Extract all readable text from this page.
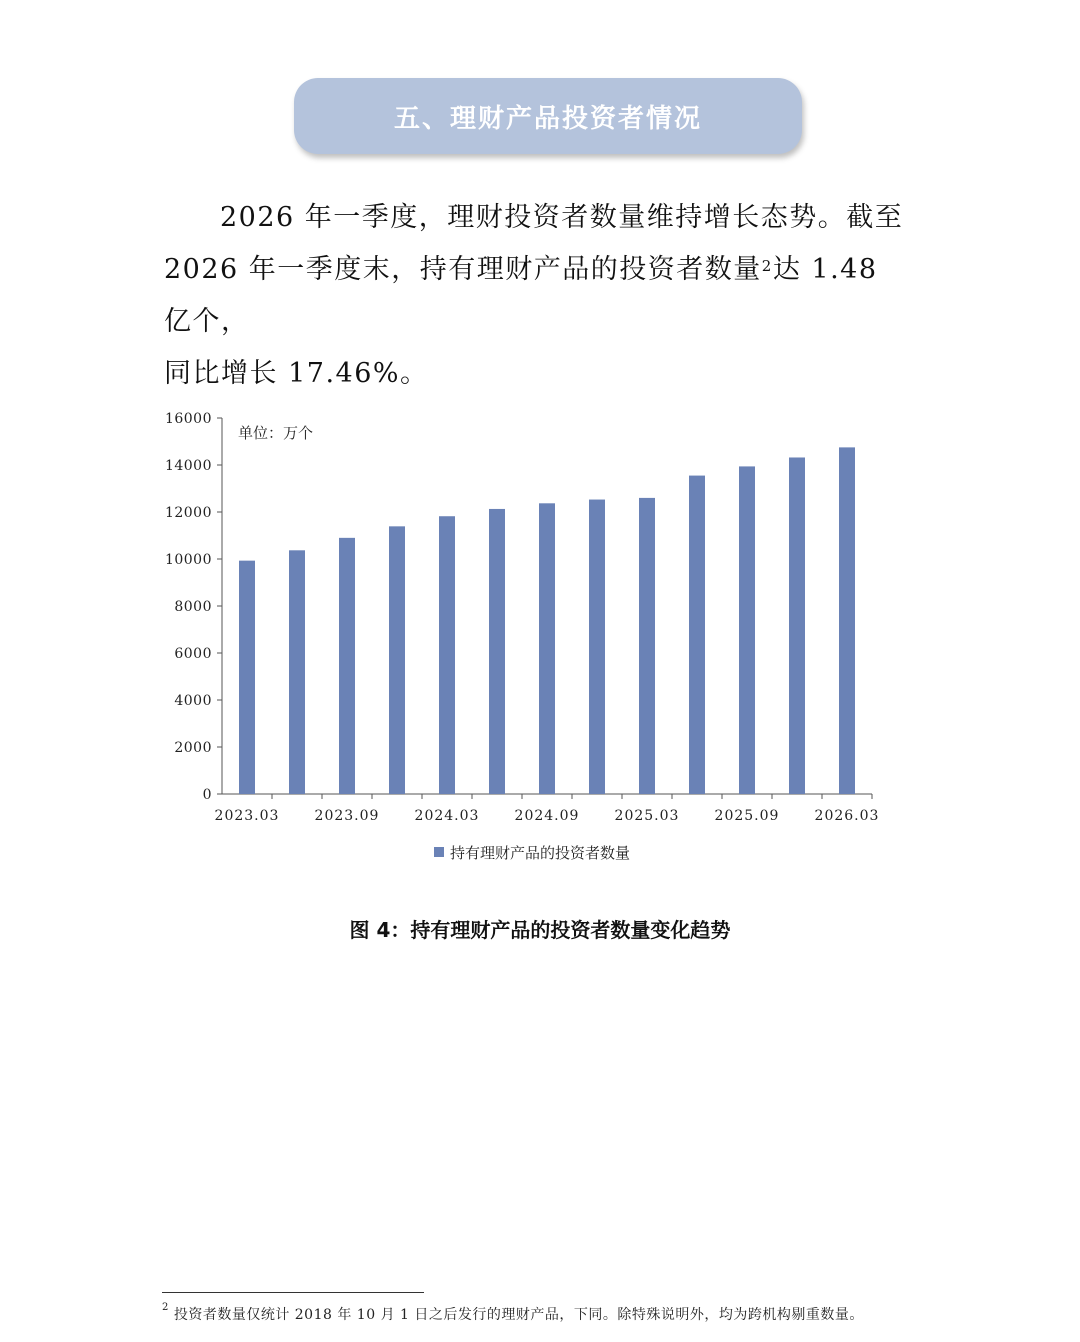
五、理财产品投资者情况
2026 年一季度，理财投资者数量维持增长态势。截至
2026 年一季度末，持有理财产品的投资者数量$^2$达 1.48 亿个，
同比增长 17.46%。
0
2000
4000
6000
8000
10000
12000
14000
16000
单位：万个
2023.03	2023.09	2024.03	2024.09	2025.03	2025.09	2026.03
持有理财产品的投资者数量
图 4：持有理财产品的投资者数量变化趋势
$^2$ 投资者数量仅统计 2018 年 10 月 1 日之后发行的理财产品，下同。除特殊说明外，均为跨机构剔重数量。
